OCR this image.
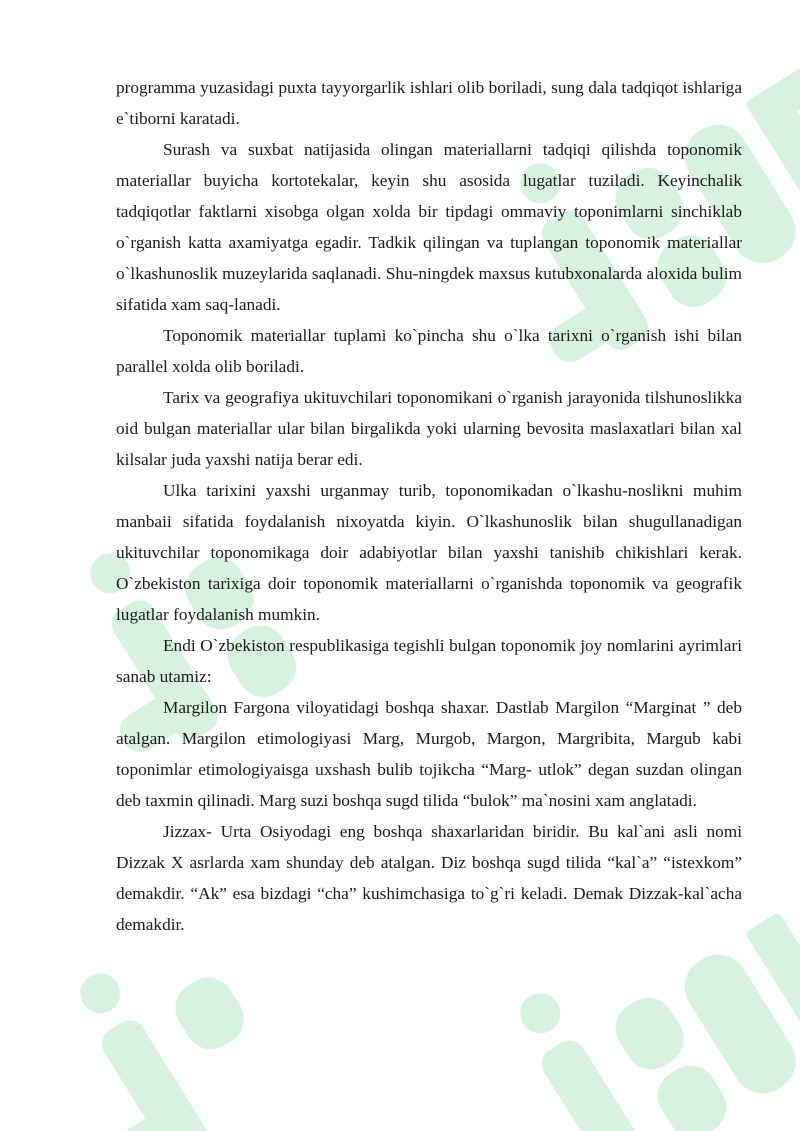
programma yuzasidagi puxta tayyorgarlik ishlari olib boriladi, sung dala tadqiqot ishlariga e`tiborni karatadi.

Surash va suxbat natijasida olingan materiallarni tadqiqi qilishda toponomik materiallar buyicha kortotekalar, keyin shu asosida lugatlar tuziladi. Keyinchalik tadqiqotlar faktlarni xisobga olgan xolda bir tipdagi ommaviy toponimlarni sinchiklab o`rganish katta axamiyatga egadir. Tadkik qilingan va tuplangan toponomik materiallar o`lkashunoslik muzeylarida saqlanadi. Shu-ningdek maxsus kutubxonalarda aloxida bulim sifatida xam saq-lanadi.

Toponomik materiallar tuplami ko`pincha shu o`lka tarixni o`rganish ishi bilan parallel xolda olib boriladi.

Tarix va geografiya ukituvchilari toponomikani o`rganish jarayonida tilshunoslikka oid bulgan materiallar ular bilan birgalikda yoki ularning bevosita maslaxatlari bilan xal kilsalar juda yaxshi natija berar edi.

Ulka tarixini yaxshi urganmay turib, toponomikadan o`lkashu-noslikni muhim manbaii sifatida foydalanish nixoyatda kiyin. O`lkashunoslik bilan shugullanadigan ukituvchilar toponomikaga doir adabiyotlar bilan yaxshi tanishib chikishlari kerak. O`zbekiston tarixiga doir toponomik materiallarni o`rganishda toponomik va geografik lugatlar foydalanish mumkin.

Endi O`zbekiston respublikasiga tegishli bulgan toponomik joy nomlarini ayrimlari sanab utamiz:

Margilon Fargona viloyatidagi boshqa shaxar. Dastlab Margilon “Marginat ” deb atalgan. Margilon etimologiyasi Marg, Murgob, Margon, Margribita, Margub kabi toponimlar etimologiyaisga uxshash bulib tojikcha “Marg- utlok” degan suzdan olingan deb taxmin qilinadi. Marg suzi boshqa sugd tilida “bulok” ma`nosini xam anglatadi.

Jizzax- Urta Osiyodagi eng boshqa shaxarlaridan biridir. Bu kal`ani asli nomi Dizzak X asrlarda xam shunday deb atalgan. Diz boshqa sugd tilida “kal`a” “istexkom” demakdir. “Ak” esa bizdagi “cha” kushimchasiga to`g`ri keladi. Demak Dizzak-kal`acha demakdir.
